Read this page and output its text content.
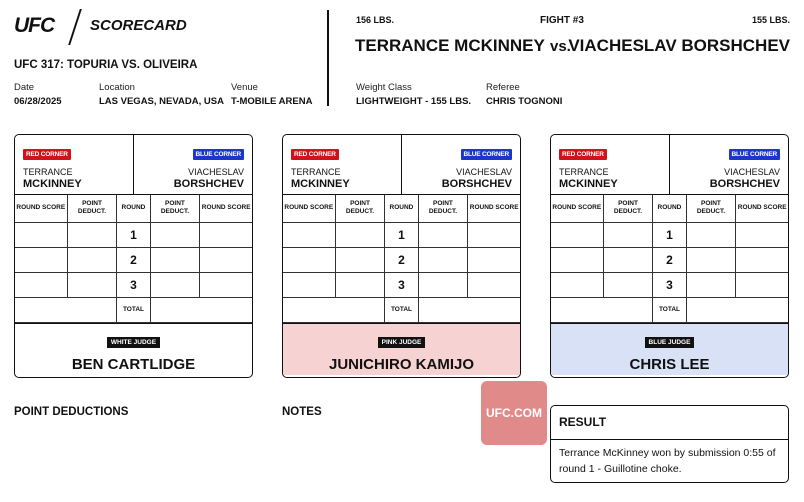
UFC SCORECARD
UFC 317: TOPURIA VS. OLIVEIRA
Date
06/28/2025
Location
LAS VEGAS, NEVADA, USA
Venue
T-MOBILE ARENA
156 LBS.	FIGHT #3	155 LBS.
TERRANCE MCKINNEY vs.
VIACHESLAV BORSHCHEV
Weight Class
LIGHTWEIGHT - 155 LBS.
Referee
CHRIS TOGNONI
RED CORNER
TERRANCE
MCKINNEY
BLUE CORNER
VIACHESLAV
BORSHCHEV
ROUND SCORE	POINT DEDUCT.	ROUND	POINT DEDUCT.	ROUND SCORE
		1		
		2		
		3		
		TOTAL		
WHITE JUDGE
BEN CARTLIDGE
RED CORNER
TERRANCE
MCKINNEY
BLUE CORNER
VIACHESLAV
BORSHCHEV
ROUND SCORE	POINT DEDUCT.	ROUND	POINT DEDUCT.	ROUND SCORE
		1		
		2		
		3		
		TOTAL		
PINK JUDGE
JUNICHIRO KAMIJO
RED CORNER
TERRANCE
MCKINNEY
BLUE CORNER
VIACHESLAV
BORSHCHEV
ROUND SCORE	POINT DEDUCT.	ROUND	POINT DEDUCT.	ROUND SCORE
		1		
		2		
		3		
		TOTAL		
BLUE JUDGE
CHRIS LEE
POINT DEDUCTIONS	NOTES	UFC.COM
RESULT
Terrance McKinney won by submission 0:55 of round 1 - Guillotine choke.
